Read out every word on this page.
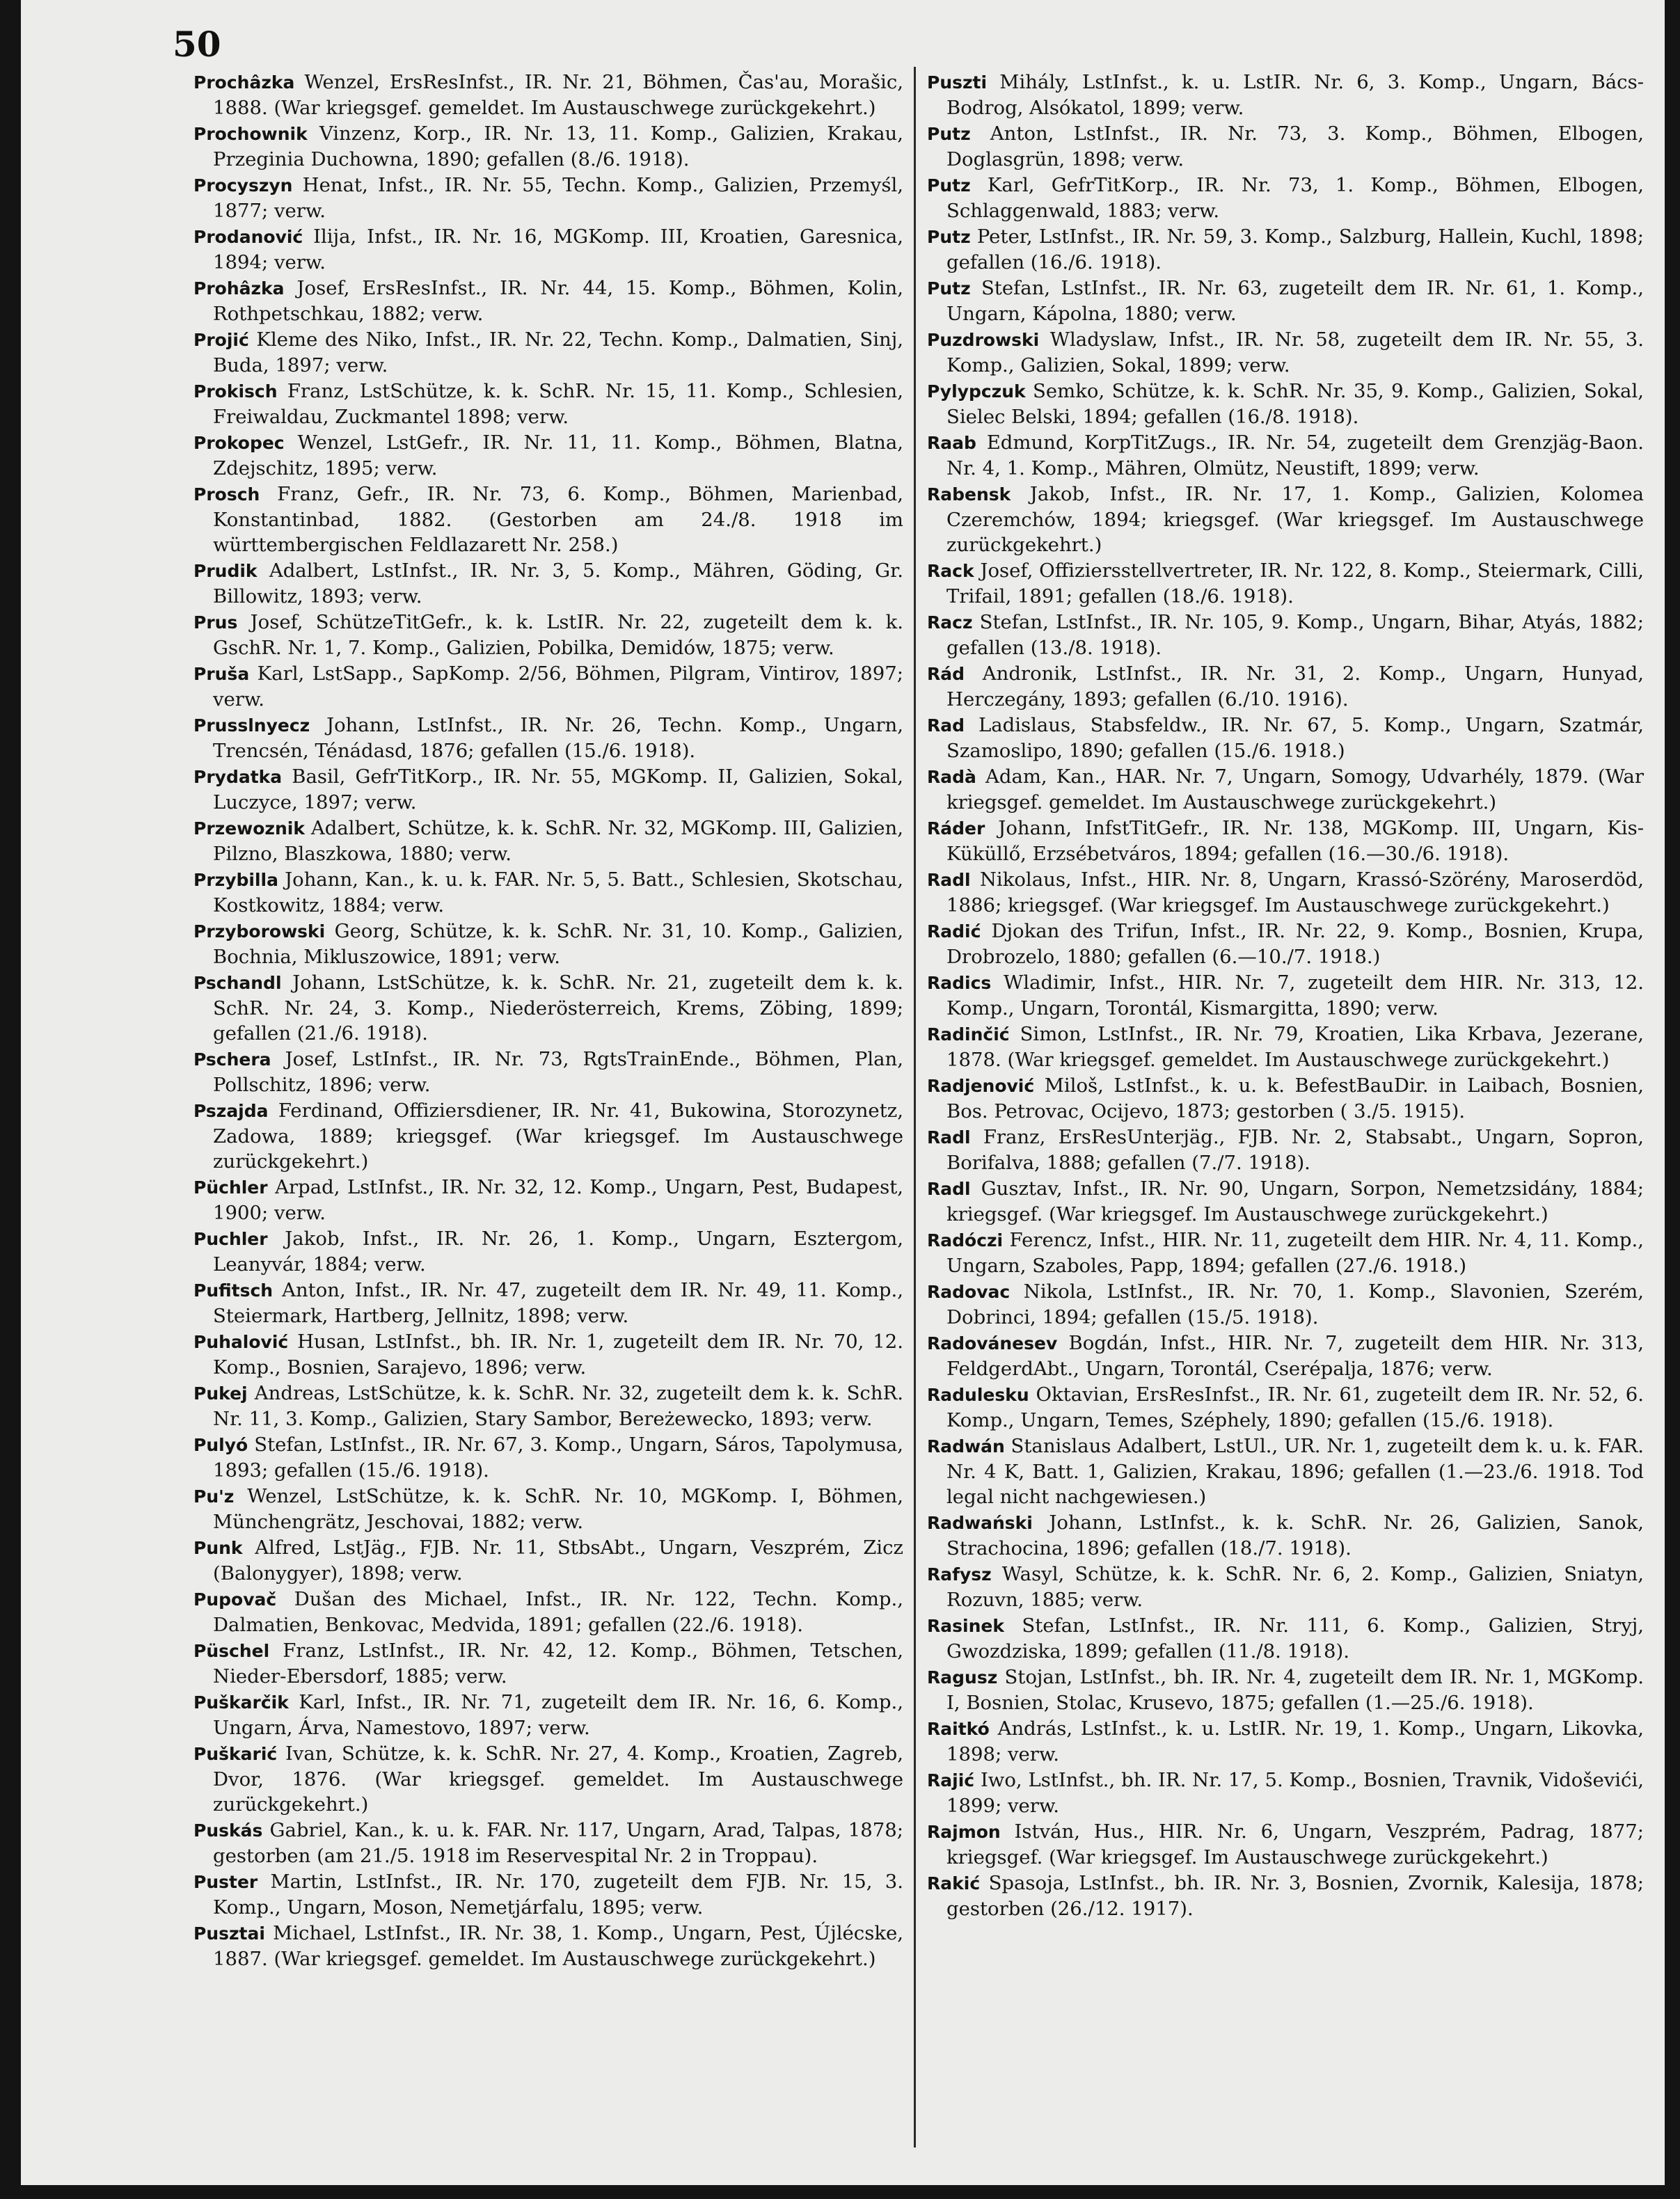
50

Prochâzka Wenzel, ErsResInfst., IR. Nr. 21, Böhmen, Čas'au, Morašic, 1888. (War kriegsgef. gemeldet. Im Austauschwege zurückgekehrt.)

Prochownik Vinzenz, Korp., IR. Nr. 13, 11. Komp., Galizien, Krakau, Przeginia Duchowna, 1890; gefallen (8./6. 1918).

Procyszyn Henat, Infst., IR. Nr. 55, Techn. Komp., Galizien, Przemyśl, 1877; verw.

Prodanović Ilija, Infst., IR. Nr. 16, MGKomp. III, Kroatien, Garesnica, 1894; verw.

Prohâzka Josef, ErsResInfst., IR. Nr. 44, 15. Komp., Böhmen, Kolin, Rothpetschkau, 1882; verw.

Projić Kleme des Niko, Infst., IR. Nr. 22, Techn. Komp., Dalmatien, Sinj, Buda, 1897; verw.

Prokisch Franz, LstSchütze, k. k. SchR. Nr. 15, 11. Komp., Schlesien, Freiwaldau, Zuckmantel 1898; verw.

Prokopec Wenzel, LstGefr., IR. Nr. 11, 11. Komp., Böhmen, Blatna, Zdejschitz, 1895; verw.

Prosch Franz, Gefr., IR. Nr. 73, 6. Komp., Böhmen, Marienbad, Konstantinbad, 1882. (Gestorben am 24./8. 1918 im württembergischen Feldlazarett Nr. 258.)

Prudik Adalbert, LstInfst., IR. Nr. 3, 5. Komp., Mähren, Göding, Gr. Billowitz, 1893; verw.

Prus Josef, SchützeTitGefr., k. k. LstIR. Nr. 22, zugeteilt dem k. k. GschR. Nr. 1, 7. Komp., Galizien, Pobilka, Demidów, 1875; verw.

Pruša Karl, LstSapp., SapKomp. 2/56, Böhmen, Pilgram, Vintirov, 1897; verw.

Prusslnyecz Johann, LstInfst., IR. Nr. 26, Techn. Komp., Ungarn, Trencsén, Ténádasd, 1876; gefallen (15./6. 1918).

Prydatka Basil, GefrTitKorp., IR. Nr. 55, MGKomp. II, Galizien, Sokal, Luczyce, 1897; verw.

Przewoznik Adalbert, Schütze, k. k. SchR. Nr. 32, MGKomp. III, Galizien, Pilzno, Blaszkowa, 1880; verw.

Przybilla Johann, Kan., k. u. k. FAR. Nr. 5, 5. Batt., Schlesien, Skotschau, Kostkowitz, 1884; verw.

Przyborowski Georg, Schütze, k. k. SchR. Nr. 31, 10. Komp., Galizien, Bochnia, Mikluszowice, 1891; verw.

Pschandl Johann, LstSchütze, k. k. SchR. Nr. 21, zugeteilt dem k. k. SchR. Nr. 24, 3. Komp., Niederösterreich, Krems, Zöbing, 1899; gefallen (21./6. 1918).

Pschera Josef, LstInfst., IR. Nr. 73, RgtsTrainEnde., Böhmen, Plan, Pollschitz, 1896; verw.

Pszajda Ferdinand, Offiziersdiener, IR. Nr. 41, Bukowina, Storozynetz, Zadowa, 1889; kriegsgef. (War kriegsgef. Im Austauschwege zurückgekehrt.)

Püchler Arpad, LstInfst., IR. Nr. 32, 12. Komp., Ungarn, Pest, Budapest, 1900; verw.

Puchler Jakob, Infst., IR. Nr. 26, 1. Komp., Ungarn, Esztergom, Leanyvár, 1884; verw.

Pufitsch Anton, Infst., IR. Nr. 47, zugeteilt dem IR. Nr. 49, 11. Komp., Steiermark, Hartberg, Jellnitz, 1898; verw.

Puhalović Husan, LstInfst., bh. IR. Nr. 1, zugeteilt dem IR. Nr. 70, 12. Komp., Bosnien, Sarajevo, 1896; verw.

Pukej Andreas, LstSchütze, k. k. SchR. Nr. 32, zugeteilt dem k. k. SchR. Nr. 11, 3. Komp., Galizien, Stary Sambor, Bereżewecko, 1893; verw.

Pulyó Stefan, LstInfst., IR. Nr. 67, 3. Komp., Ungarn, Sáros, Tapolymusa, 1893; gefallen (15./6. 1918).

Pu'z Wenzel, LstSchütze, k. k. SchR. Nr. 10, MGKomp. I, Böhmen, Münchengrätz, Jeschovai, 1882; verw.

Punk Alfred, LstJäg., FJB. Nr. 11, StbsAbt., Ungarn, Veszprém, Zicz (Balonygyer), 1898; verw.

Pupovač Dušan des Michael, Infst., IR. Nr. 122, Techn. Komp., Dalmatien, Benkovac, Medvida, 1891; gefallen (22./6. 1918).

Püschel Franz, LstInfst., IR. Nr. 42, 12. Komp., Böhmen, Tetschen, Nieder-Ebersdorf, 1885; verw.

Puškarčik Karl, Infst., IR. Nr. 71, zugeteilt dem IR. Nr. 16, 6. Komp., Ungarn, Árva, Namestovo, 1897; verw.

Puškarić Ivan, Schütze, k. k. SchR. Nr. 27, 4. Komp., Kroatien, Zagreb, Dvor, 1876. (War kriegsgef. gemeldet. Im Austauschwege zurückgekehrt.)

Puskás Gabriel, Kan., k. u. k. FAR. Nr. 117, Ungarn, Arad, Talpas, 1878; gestorben (am 21./5. 1918 im Reservespital Nr. 2 in Troppau).

Puster Martin, LstInfst., IR. Nr. 170, zugeteilt dem FJB. Nr. 15, 3. Komp., Ungarn, Moson, Nemetjárfalu, 1895; verw.

Pusztai Michael, LstInfst., IR. Nr. 38, 1. Komp., Ungarn, Pest, Újlécske, 1887. (War kriegsgef. gemeldet. Im Austauschwege zurückgekehrt.)

Puszti Mihály, LstInfst., k. u. LstIR. Nr. 6, 3. Komp., Ungarn, Bács-Bodrog, Alsókatol, 1899; verw.

Putz Anton, LstInfst., IR. Nr. 73, 3. Komp., Böhmen, Elbogen, Doglasgrün, 1898; verw.

Putz Karl, GefrTitKorp., IR. Nr. 73, 1. Komp., Böhmen, Elbogen, Schlaggenwald, 1883; verw.

Putz Peter, LstInfst., IR. Nr. 59, 3. Komp., Salzburg, Hallein, Kuchl, 1898; gefallen (16./6. 1918).

Putz Stefan, LstInfst., IR. Nr. 63, zugeteilt dem IR. Nr. 61, 1. Komp., Ungarn, Kápolna, 1880; verw.

Puzdrowski Wladyslaw, Infst., IR. Nr. 58, zugeteilt dem IR. Nr. 55, 3. Komp., Galizien, Sokal, 1899; verw.

Pylypczuk Semko, Schütze, k. k. SchR. Nr. 35, 9. Komp., Galizien, Sokal, Sielec Belski, 1894; gefallen (16./8. 1918).

Raab Edmund, KorpTitZugs., IR. Nr. 54, zugeteilt dem Grenzjäg-Baon. Nr. 4, 1. Komp., Mähren, Olmütz, Neustift, 1899; verw.

Rabensk Jakob, Infst., IR. Nr. 17, 1. Komp., Galizien, Kolomea Czeremchów, 1894; kriegsgef. (War kriegsgef. Im Austauschwege zurückgekehrt.)

Rack Josef, Offiziersstellvertreter, IR. Nr. 122, 8. Komp., Steiermark, Cilli, Trifail, 1891; gefallen (18./6. 1918).

Racz Stefan, LstInfst., IR. Nr. 105, 9. Komp., Ungarn, Bihar, Atyás, 1882; gefallen (13./8. 1918).

Rád Andronik, LstInfst., IR. Nr. 31, 2. Komp., Ungarn, Hunyad, Herczegány, 1893; gefallen (6./10. 1916).

Rad Ladislaus, Stabsfeldw., IR. Nr. 67, 5. Komp., Ungarn, Szatmár, Szamoslipo, 1890; gefallen (15./6. 1918.)

Radà Adam, Kan., HAR. Nr. 7, Ungarn, Somogy, Udvarhély, 1879. (War kriegsgef. gemeldet. Im Austauschwege zurückgekehrt.)

Ráder Johann, InfstTitGefr., IR. Nr. 138, MGKomp. III, Ungarn, Kis-Küküllő, Erzsébetváros, 1894; gefallen (16.—30./6. 1918).

Radl Nikolaus, Infst., HIR. Nr. 8, Ungarn, Krassó-Szörény, Maroserdöd, 1886; kriegsgef. (War kriegsgef. Im Austauschwege zurückgekehrt.)

Radić Djokan des Trifun, Infst., IR. Nr. 22, 9. Komp., Bosnien, Krupa, Drobrozelo, 1880; gefallen (6.—10./7. 1918.)

Radics Wladimir, Infst., HIR. Nr. 7, zugeteilt dem HIR. Nr. 313, 12. Komp., Ungarn, Torontál, Kismargitta, 1890; verw.

Radinčić Simon, LstInfst., IR. Nr. 79, Kroatien, Lika Krbava, Jezerane, 1878. (War kriegsgef. gemeldet. Im Austauschwege zurückgekehrt.)

Radjenović Miloš, LstInfst., k. u. k. BefestBauDir. in Laibach, Bosnien, Bos. Petrovac, Ocijevo, 1873; gestorben ( 3./5. 1915).

Radl Franz, ErsResUnterjäg., FJB. Nr. 2, Stabsabt., Ungarn, Sopron, Borifalva, 1888; gefallen (7./7. 1918).

Radl Gusztav, Infst., IR. Nr. 90, Ungarn, Sorpon, Nemetzsidány, 1884; kriegsgef. (War kriegsgef. Im Austauschwege zurückgekehrt.)

Radóczi Ferencz, Infst., HIR. Nr. 11, zugeteilt dem HIR. Nr. 4, 11. Komp., Ungarn, Szaboles, Papp, 1894; gefallen (27./6. 1918.)

Radovac Nikola, LstInfst., IR. Nr. 70, 1. Komp., Slavonien, Szerém, Dobrinci, 1894; gefallen (15./5. 1918).

Radovánesev Bogdán, Infst., HIR. Nr. 7, zugeteilt dem HIR. Nr. 313, FeldgerdAbt., Ungarn, Torontál, Cserépalja, 1876; verw.

Radulesku Oktavian, ErsResInfst., IR. Nr. 61, zugeteilt dem IR. Nr. 52, 6. Komp., Ungarn, Temes, Széphely, 1890; gefallen (15./6. 1918).

Radwán Stanislaus Adalbert, LstUl., UR. Nr. 1, zugeteilt dem k. u. k. FAR. Nr. 4 K, Batt. 1, Galizien, Krakau, 1896; gefallen (1.—23./6. 1918. Tod legal nicht nachgewiesen.)

Radwański Johann, LstInfst., k. k. SchR. Nr. 26, Galizien, Sanok, Strachocina, 1896; gefallen (18./7. 1918).

Rafysz Wasyl, Schütze, k. k. SchR. Nr. 6, 2. Komp., Galizien, Sniatyn, Rozuvn, 1885; verw.

Rasinek Stefan, LstInfst., IR. Nr. 111, 6. Komp., Galizien, Stryj, Gwozdziska, 1899; gefallen (11./8. 1918).

Ragusz Stojan, LstInfst., bh. IR. Nr. 4, zugeteilt dem IR. Nr. 1, MGKomp. I, Bosnien, Stolac, Krusevo, 1875; gefallen (1.—25./6. 1918).

Raitkó András, LstInfst., k. u. LstIR. Nr. 19, 1. Komp., Ungarn, Likovka, 1898; verw.

Rajić Iwo, LstInfst., bh. IR. Nr. 17, 5. Komp., Bosnien, Travnik, Vidoševići, 1899; verw.

Rajmon István, Hus., HIR. Nr. 6, Ungarn, Veszprém, Padrag, 1877; kriegsgef. (War kriegsgef. Im Austauschwege zurückgekehrt.)

Rakić Spasoja, LstInfst., bh. IR. Nr. 3, Bosnien, Zvornik, Kalesija, 1878; gestorben (26./12. 1917).
